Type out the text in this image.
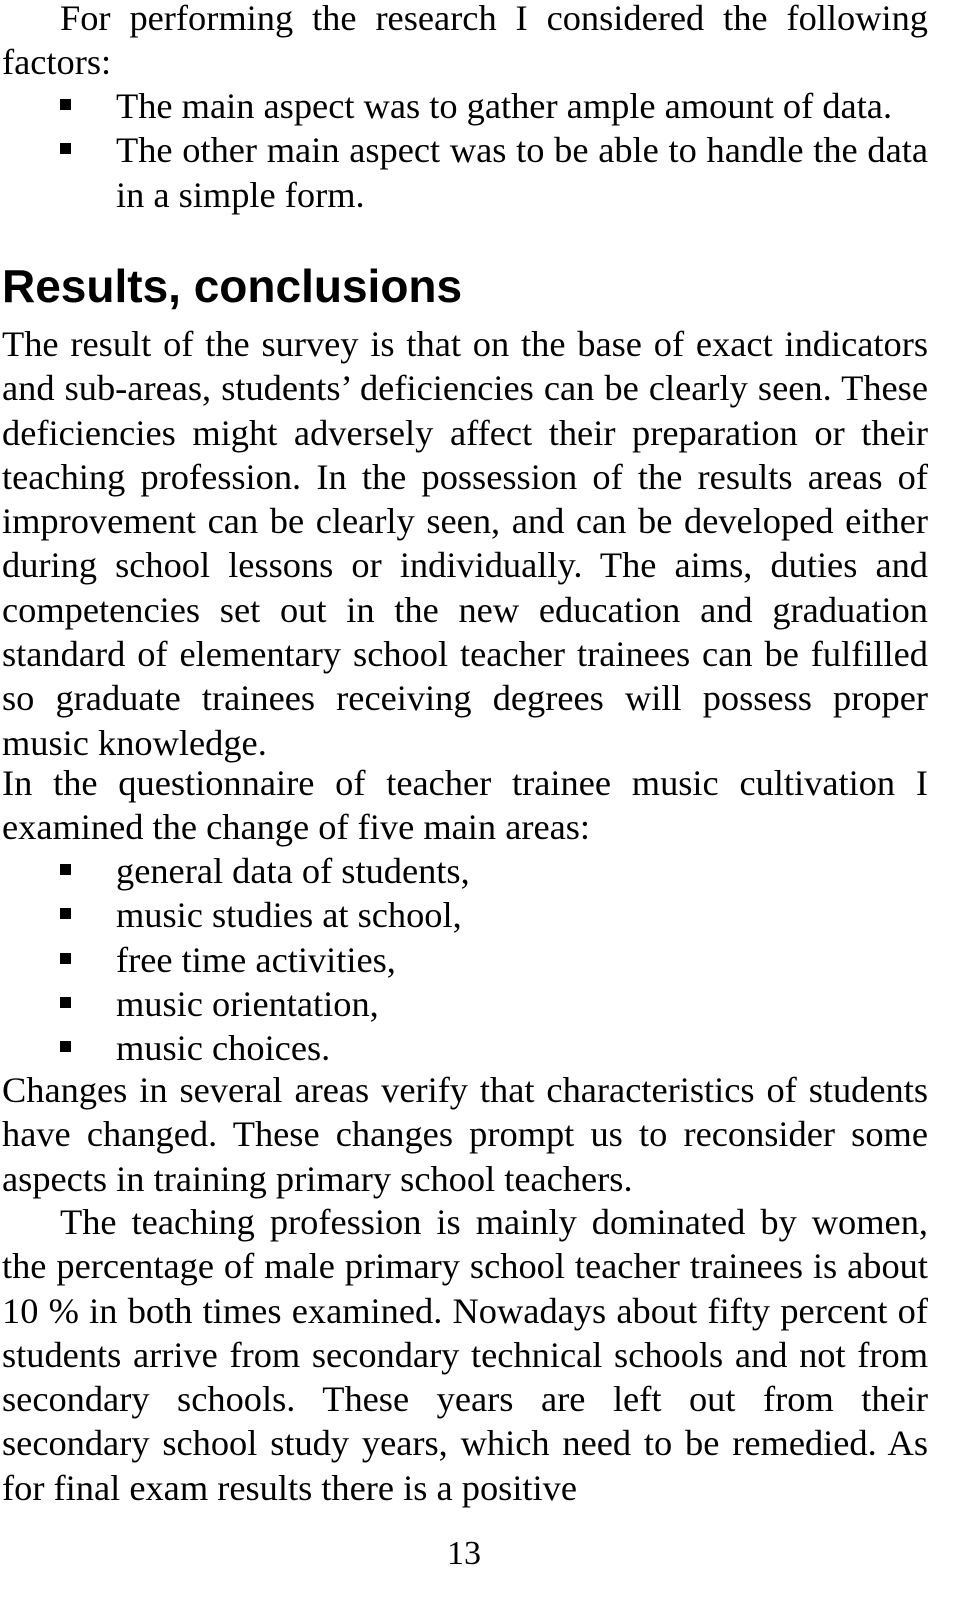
For performing the research I considered the following factors:

The main aspect was to gather ample amount of data.
The other main aspect was to be able to handle the data in a simple form.
Results, conclusions

The result of the survey is that on the base of exact indicators and sub-areas, students’ deficiencies can be clearly seen. These deficiencies might adversely affect their preparation or their teaching profession. In the possession of the results areas of improvement can be clearly seen, and can be developed either during school lessons or individually. The aims, duties and competencies set out in the new education and graduation standard of elementary school teacher trainees can be fulfilled so graduate trainees receiving degrees will possess proper music knowledge.

In the questionnaire of teacher trainee music cultivation I examined the change of five main areas:

general data of students,
music studies at school,
free time activities,
music orientation,
music choices.

Changes in several areas verify that characteristics of students have changed. These changes prompt us to reconsider some aspects in training primary school teachers.

The teaching profession is mainly dominated by women, the percentage of male primary school teacher trainees is about 10 % in both times examined. Nowadays about fifty percent of students arrive from secondary technical schools and not from secondary schools. These years are left out from their secondary school study years, which need to be remedied. As for final exam results there is a positive

13
